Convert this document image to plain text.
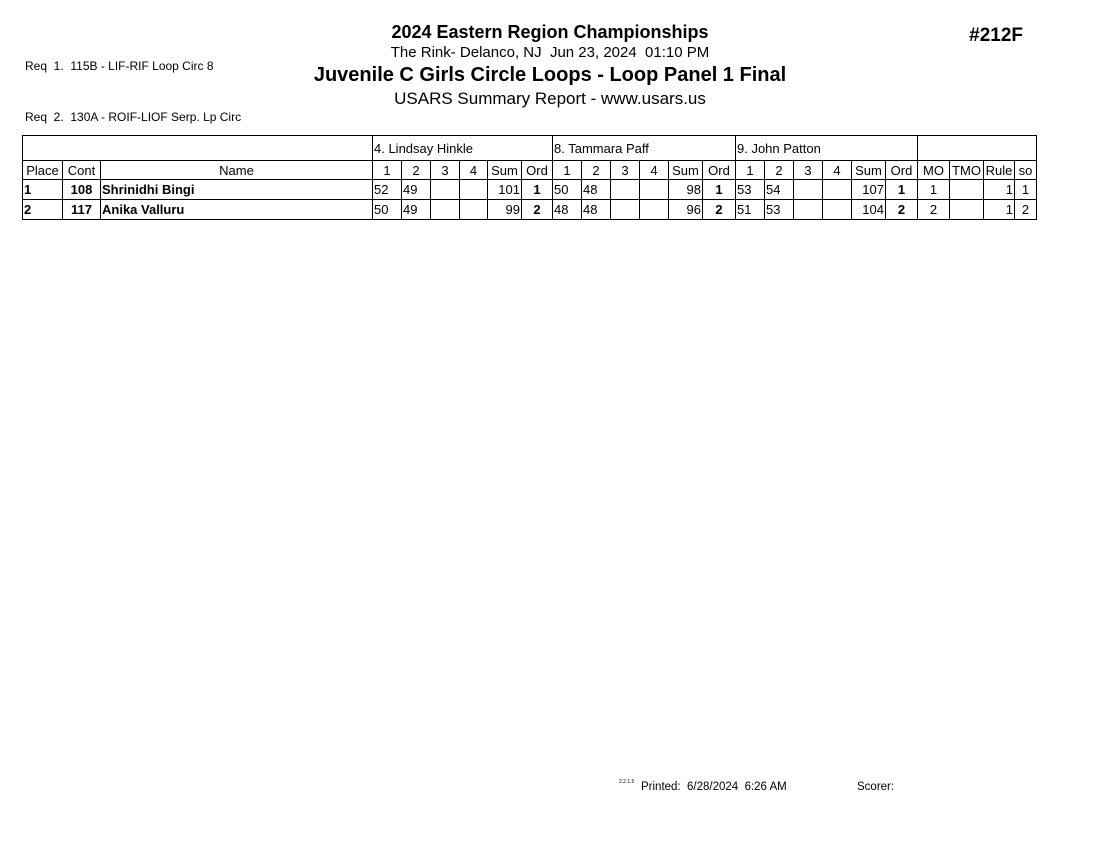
Req  1.  115B - LIF-RIF Loop Circ 8

Req  2.  130A - ROIF-LIOF Serp. Lp Circ

2024 Eastern Region Championships
The Rink- Delanco, NJ  Jun 23, 2024  01:10 PM
Juvenile C Girls Circle Loops - Loop Panel 1 Final
USARS Summary Report - www.usars.us
#212F
			4. Lindsay Hinkle						8. Tammara Paff						9. John Patton									
Place	Cont	Name	1	2	3	4	Sum	Ord	1	2	3	4	Sum	Ord	1	2	3	4	Sum	Ord	MO	TMO	Rule	so
1	108	Shrinidhi Bingi	52	49			101	1	50	48			98	1	53	54			107	1	1		1	1
2	117	Anika Valluru	50	49			99	2	48	48			96	2	51	53			104	2	2		1	2
2.2.1.5 Printed:  6/28/2024  6:26 AM	Scorer:
